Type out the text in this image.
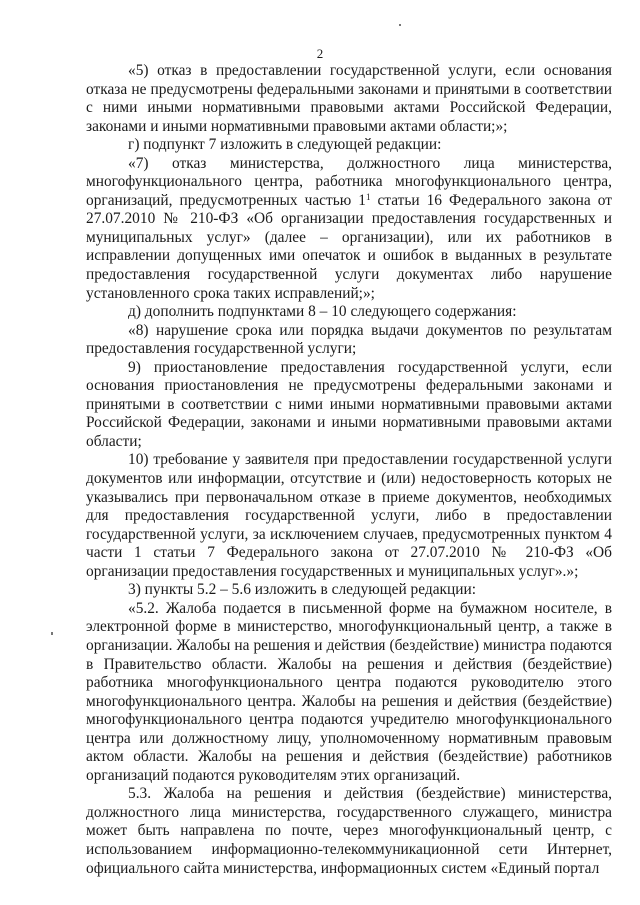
2

«5) отказ в предоставлении государственной услуги, если основания отказа не предусмотрены федеральными законами и принятыми в соответствии с ними иными нормативными правовыми актами Российской Федерации, законами и иными нормативными правовыми актами области;»;

г) подпункт 7 изложить в следующей редакции:

«7) отказ министерства, должностного лица министерства, многофункционального центра, работника многофункционального центра, организаций, предусмотренных частью $1^1$ статьи 16 Федерального закона от 27.07.2010 № 210-ФЗ «Об организации предоставления государственных и муниципальных услуг» (далее – организации), или их работников в исправлении допущенных ими опечаток и ошибок в выданных в результате предоставления государственной услуги документах либо нарушение установленного срока таких исправлений;»;

д) дополнить подпунктами 8 – 10 следующего содержания:

«8) нарушение срока или порядка выдачи документов по результатам предоставления государственной услуги;

9) приостановление предоставления государственной услуги, если основания приостановления не предусмотрены федеральными законами и принятыми в соответствии с ними иными нормативными правовыми актами Российской Федерации, законами и иными нормативными правовыми актами области;

10) требование у заявителя при предоставлении государственной услуги документов или информации, отсутствие и (или) недостоверность которых не указывались при первоначальном отказе в приеме документов, необходимых для предоставления государственной услуги, либо в предоставлении государственной услуги, за исключением случаев, предусмотренных пунктом 4 части 1 статьи 7 Федерального закона от 27.07.2010 № 210-ФЗ «Об организации предоставления государственных и муниципальных услуг».»;

3) пункты 5.2 – 5.6 изложить в следующей редакции:

«5.2. Жалоба подается в письменной форме на бумажном носителе, в электронной форме в министерство, многофункциональный центр, а также в организации. Жалобы на решения и действия (бездействие) министра подаются в Правительство области. Жалобы на решения и действия (бездействие) работника многофункционального центра подаются руководителю этого многофункционального центра. Жалобы на решения и действия (бездействие) многофункционального центра подаются учредителю многофункционального центра или должностному лицу, уполномоченному нормативным правовым актом области. Жалобы на решения и действия (бездействие) работников организаций подаются руководителям этих организаций.

5.3. Жалоба на решения и действия (бездействие) министерства, должностного лица министерства, государственного служащего, министра может быть направлена по почте, через многофункциональный центр, с использованием информационно-телекоммуникационной сети Интернет, официального сайта министерства, информационных систем «Единый портал
